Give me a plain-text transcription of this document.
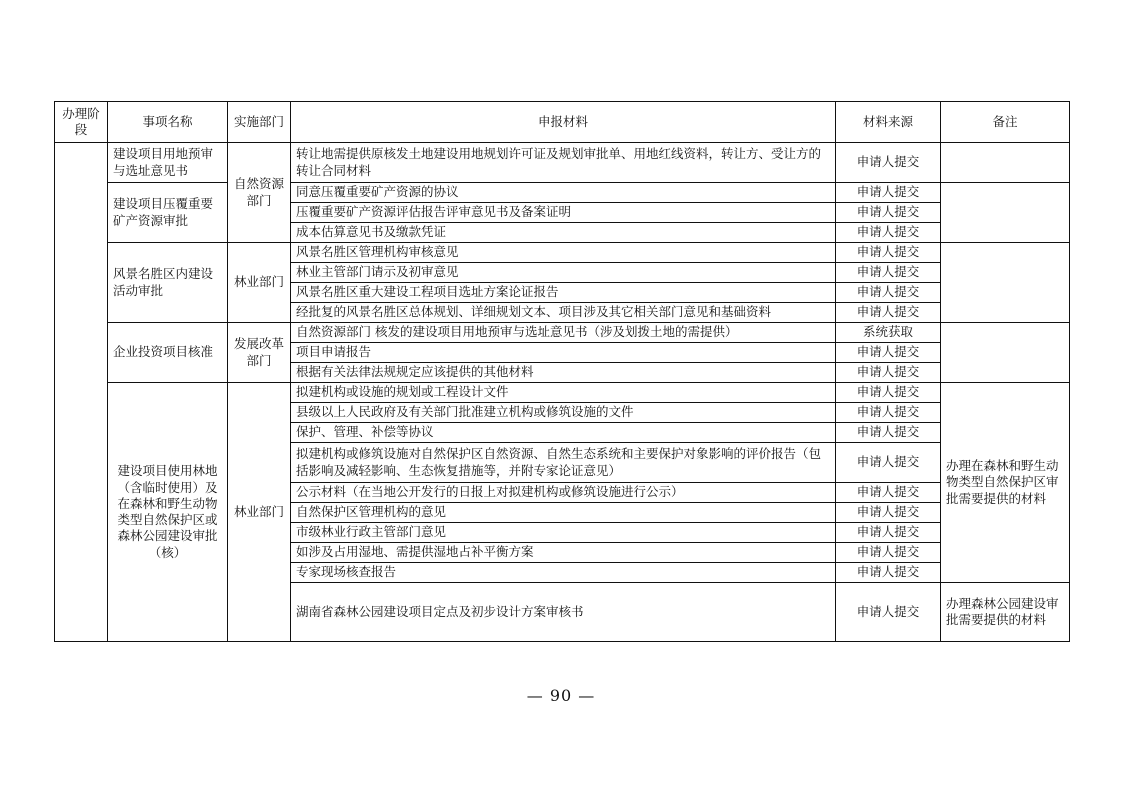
办理阶段	事项名称	实施部门	申报材料	材料来源	备注
	建设项目用地预审与选址意见书	自然资源部门	转让地需提供原核发土地建设用地规划许可证及规划审批单、用地红线资料，转让方、受让方的转让合同材料	申请人提交	
	建设项目压覆重要矿产资源审批		同意压覆重要矿产资源的协议	申请人提交	
			压覆重要矿产资源评估报告评审意见书及备案证明	申请人提交	
			成本估算意见书及缴款凭证	申请人提交	
	风景名胜区内建设活动审批	林业部门	风景名胜区管理机构审核意见	申请人提交	
			林业主管部门请示及初审意见	申请人提交	
			风景名胜区重大建设工程项目选址方案论证报告	申请人提交	
			经批复的风景名胜区总体规划、详细规划文本、项目涉及其它相关部门意见和基础资料	申请人提交	
	企业投资项目核准	发展改革部门	自然资源部门 核发的建设项目用地预审与选址意见书（涉及划拨土地的需提供）	系统获取	
			项目申请报告	申请人提交	
			根据有关法律法规规定应该提供的其他材料	申请人提交	
	建设项目使用林地（含临时使用）及在森林和野生动物类型自然保护区或森林公园建设审批（核）	林业部门	拟建机构或设施的规划或工程设计文件	申请人提交	办理在森林和野生动物类型自然保护区审批需要提供的材料
			县级以上人民政府及有关部门批准建立机构或修筑设施的文件	申请人提交	
			保护、管理、补偿等协议	申请人提交	
			拟建机构或修筑设施对自然保护区自然资源、自然生态系统和主要保护对象影响的评价报告（包括影响及减轻影响、生态恢复措施等，并附专家论证意见）	申请人提交	
			公示材料（在当地公开发行的日报上对拟建机构或修筑设施进行公示）	申请人提交	
			自然保护区管理机构的意见	申请人提交	
			市级林业行政主管部门意见	申请人提交	
			如涉及占用湿地、需提供湿地占补平衡方案	申请人提交	
			专家现场核查报告	申请人提交	
			湖南省森林公园建设项目定点及初步设计方案审核书	申请人提交	办理森林公园建设审批需要提供的材料
— 90 —
